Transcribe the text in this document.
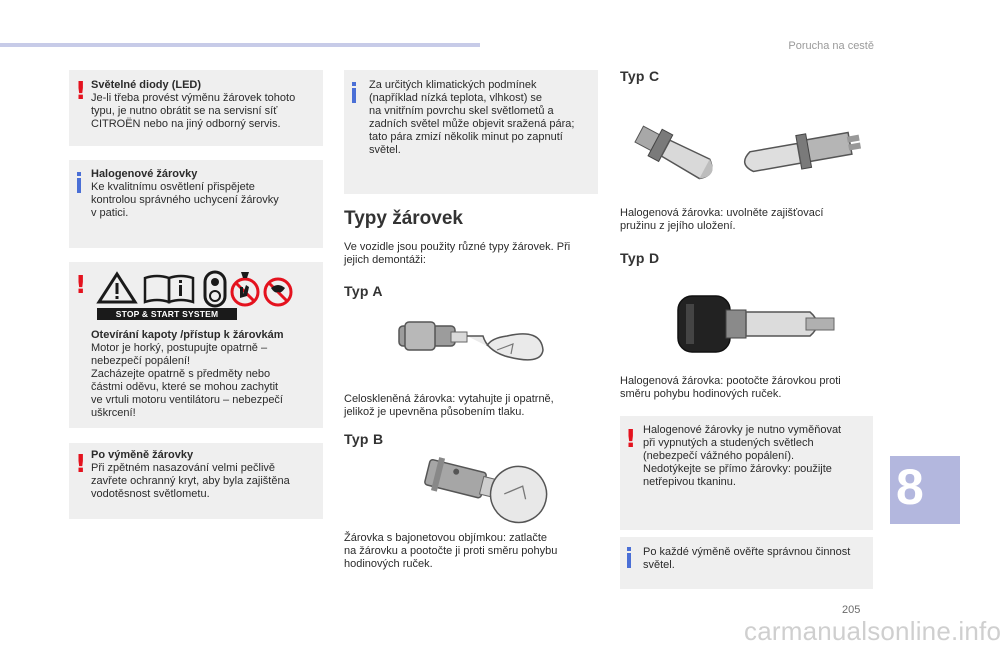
Porucha na cestě
! Světelné diody (LED)
Je-li třeba provést výměnu žárovek tohoto
typu, je nutno obrátit se na servisní síť
CITROËN nebo na jiný odborný servis.
Halogenové žárovky
Ke kvalitnímu osvětlení přispějete
kontrolou správného uchycení žárovky
v patici.
!
STOP & START SYSTEM
Otevírání kapoty /přístup k žárovkám
Motor je horký, postupujte opatrně –
nebezpečí popálení!
Zacházejte opatrně s předměty nebo
částmi oděvu, které se mohou zachytit
ve vrtuli motoru ventilátoru – nebezpečí
uškrcení!
! Po výměně žárovky
Při zpětném nasazování velmi pečlivě
zavřete ochranný kryt, aby byla zajištěna
vodotěsnost světlometu.
Za určitých klimatických podmínek
(například nízká teplota, vlhkost) se
na vnitřním povrchu skel světlometů a
zadních světel může objevit sražená pára;
tato pára zmizí několik minut po zapnutí
světel.
Typy žárovek
Ve vozidle jsou použity různé typy žárovek. Při
jejich demontáži:
Typ A
Celoskleněná žárovka: vytahujte ji opatrně,
jelikož je upevněna působením tlaku.
Typ B
Žárovka s bajonetovou objímkou: zatlačte
na žárovku a pootočte ji proti směru pohybu
hodinových ruček.
Typ C
Halogenová žárovka: uvolněte zajišťovací
pružinu z jejího uložení.
Typ D
Halogenová žárovka: pootočte žárovkou proti
směru pohybu hodinových ruček.
! Halogenové žárovky je nutno vyměňovat
při vypnutých a studených světlech
(nebezpečí vážného popálení).
Nedotýkejte se přímo žárovky: použijte
netřepivou tkaninu.
Po každé výměně ověřte správnou činnost
světel.
8
205
carmanualsonline.info
